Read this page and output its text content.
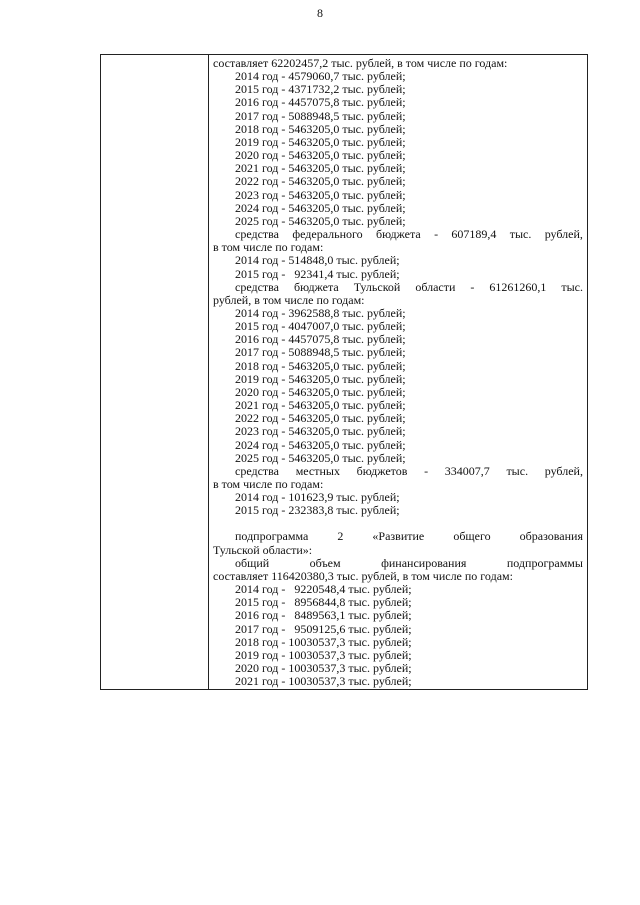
8
составляет 62202457,2 тыс. рублей, в том числе по годам:
2014 год - 4579060,7 тыс. рублей;
2015 год - 4371732,2 тыс. рублей;
2016 год - 4457075,8 тыс. рублей;
2017 год - 5088948,5 тыс. рублей;
2018 год - 5463205,0 тыс. рублей;
2019 год - 5463205,0 тыс. рублей;
2020 год - 5463205,0 тыс. рублей;
2021 год - 5463205,0 тыс. рублей;
2022 год - 5463205,0 тыс. рублей;
2023 год - 5463205,0 тыс. рублей;
2024 год - 5463205,0 тыс. рублей;
2025 год - 5463205,0 тыс. рублей;
средства федерального бюджета - 607189,4 тыс. рублей,
в том числе по годам:
2014 год - 514848,0 тыс. рублей;
2015 год -   92341,4 тыс. рублей;
средства бюджета Тульской области - 61261260,1 тыс.
рублей, в том числе по годам:
2014 год - 3962588,8 тыс. рублей;
2015 год - 4047007,0 тыс. рублей;
2016 год - 4457075,8 тыс. рублей;
2017 год - 5088948,5 тыс. рублей;
2018 год - 5463205,0 тыс. рублей;
2019 год - 5463205,0 тыс. рублей;
2020 год - 5463205,0 тыс. рублей;
2021 год - 5463205,0 тыс. рублей;
2022 год - 5463205,0 тыс. рублей;
2023 год - 5463205,0 тыс. рублей;
2024 год - 5463205,0 тыс. рублей;
2025 год - 5463205,0 тыс. рублей;
средства местных бюджетов - 334007,7 тыс. рублей,
в том числе по годам:
2014 год - 101623,9 тыс. рублей;
2015 год - 232383,8 тыс. рублей;
подпрограмма 2 «Развитие общего образования
Тульской области»:
общий	объем	финансирования	подпрограммы
составляет 116420380,3 тыс. рублей, в том числе по годам:
2014 год -   9220548,4 тыс. рублей;
2015 год -   8956844,8 тыс. рублей;
2016 год -   8489563,1 тыс. рублей;
2017 год -   9509125,6 тыс. рублей;
2018 год - 10030537,3 тыс. рублей;
2019 год - 10030537,3 тыс. рублей;
2020 год - 10030537,3 тыс. рублей;
2021 год - 10030537,3 тыс. рублей;
